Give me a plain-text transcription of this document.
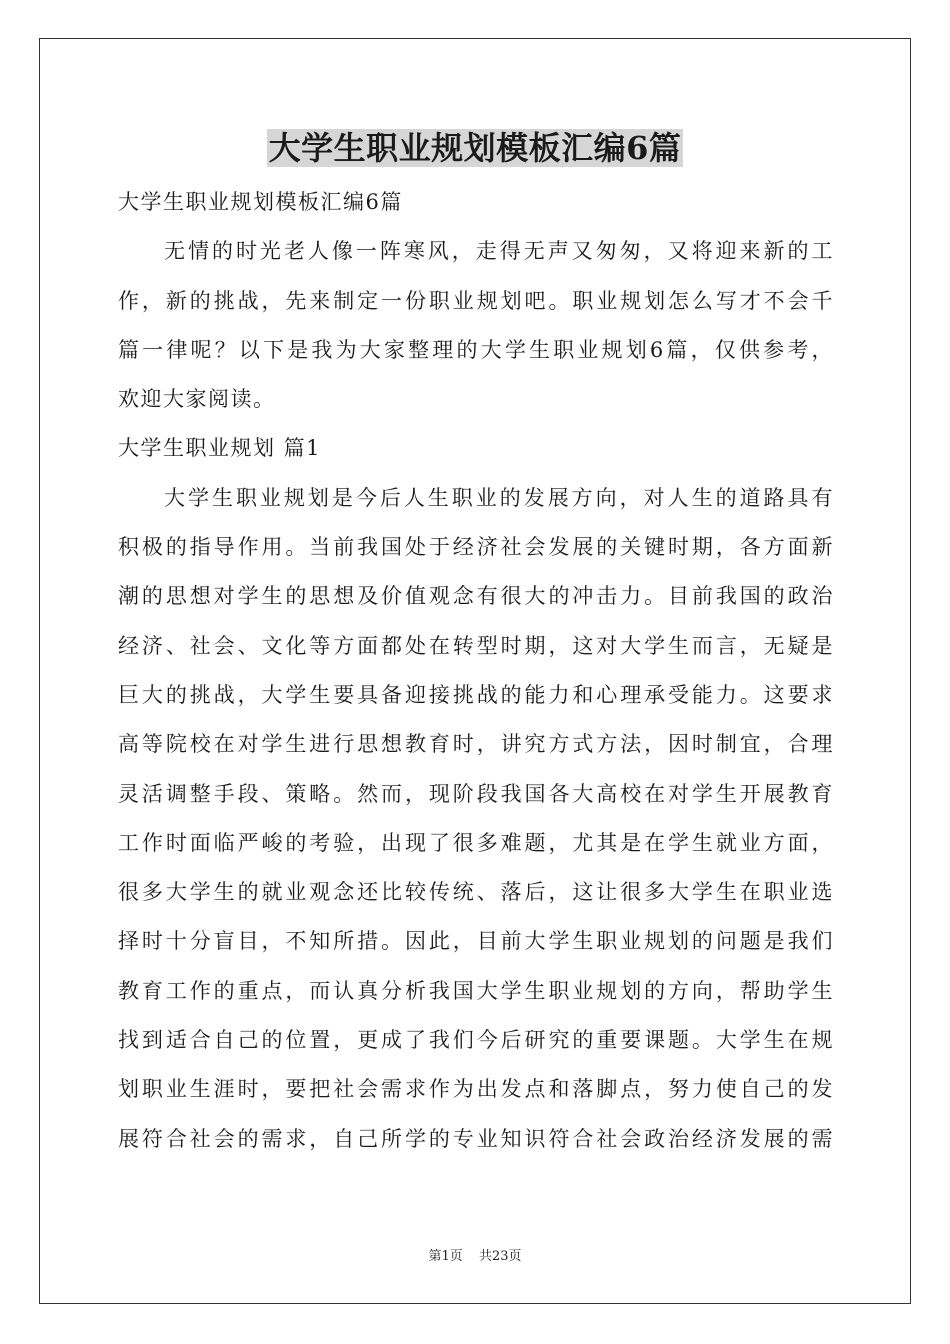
大学生职业规划模板汇编6篇

大学生职业规划模板汇编6篇

无情的时光老人像一阵寒风，走得无声又匆匆，又将迎来新的工

作，新的挑战，先来制定一份职业规划吧。职业规划怎么写才不会千

篇一律呢？以下是我为大家整理的大学生职业规划6篇，仅供参考，

欢迎大家阅读。

大学生职业规划 篇1

大学生职业规划是今后人生职业的发展方向，对人生的道路具有

积极的指导作用。当前我国处于经济社会发展的关键时期，各方面新

潮的思想对学生的思想及价值观念有很大的冲击力。目前我国的政治

经济、社会、文化等方面都处在转型时期，这对大学生而言，无疑是

巨大的挑战，大学生要具备迎接挑战的能力和心理承受能力。这要求

高等院校在对学生进行思想教育时，讲究方式方法，因时制宜，合理

灵活调整手段、策略。然而，现阶段我国各大高校在对学生开展教育

工作时面临严峻的考验，出现了很多难题，尤其是在学生就业方面，

很多大学生的就业观念还比较传统、落后，这让很多大学生在职业选

择时十分盲目，不知所措。因此，目前大学生职业规划的问题是我们

教育工作的重点，而认真分析我国大学生职业规划的方向，帮助学生

找到适合自己的位置，更成了我们今后研究的重要课题。大学生在规

划职业生涯时，要把社会需求作为出发点和落脚点，努力使自己的发

展符合社会的需求，自己所学的专业知识符合社会政治经济发展的需

第1页 共23页
